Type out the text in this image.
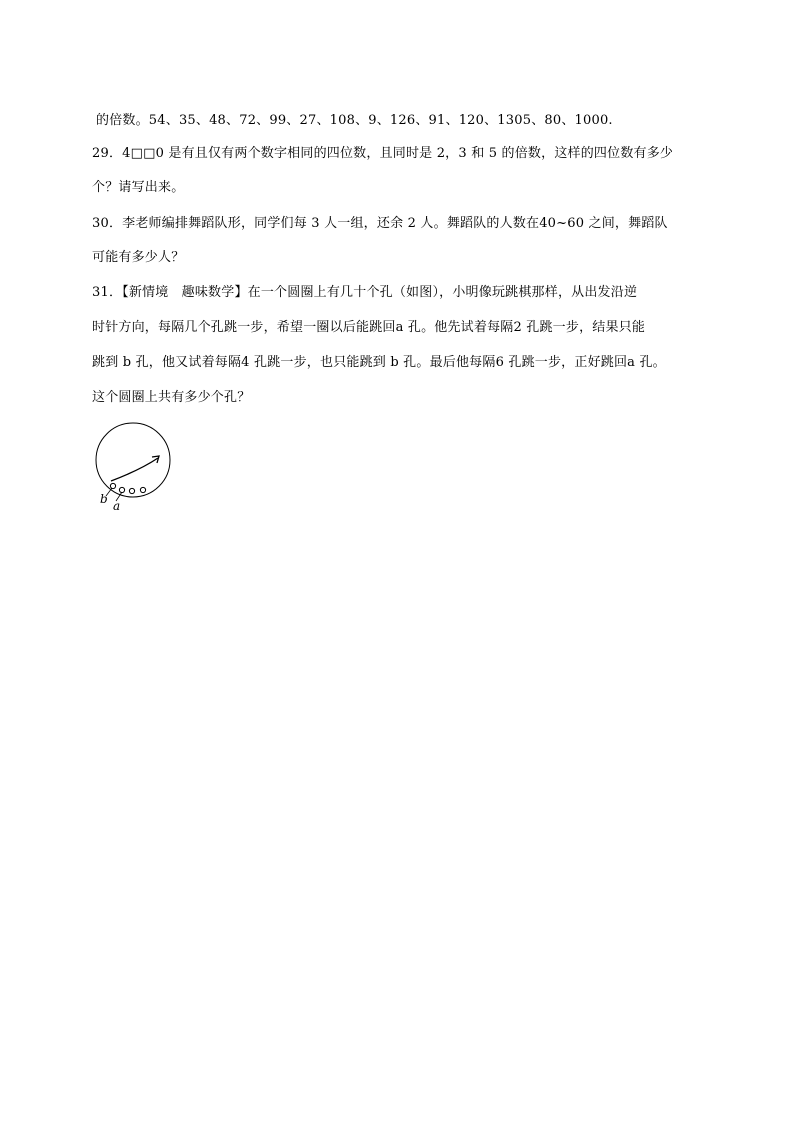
的倍数。54、35、48、72、99、27、108、9、126、91、120、1305、80、1000.
29．4□□0 是有且仅有两个数字相同的四位数，且同时是 2，3 和 5 的倍数，这样的四位数有多少
个？请写出来。
30．李老师编排舞蹈队形，同学们每 3 人一组，还余 2 人。舞蹈队的人数在40~60 之间，舞蹈队
可能有多少人？
31．【新情境　趣味数学】在一个圆圈上有几十个孔（如图），小明像玩跳棋那样，从出发沿逆
时针方向，每隔几个孔跳一步，希望一圈以后能跳回a 孔。他先试着每隔2 孔跳一步，结果只能
跳到 b 孔，他又试着每隔4 孔跳一步，也只能跳到 b 孔。最后他每隔6 孔跳一步，正好跳回a 孔。
这个圆圈上共有多少个孔？
b a
